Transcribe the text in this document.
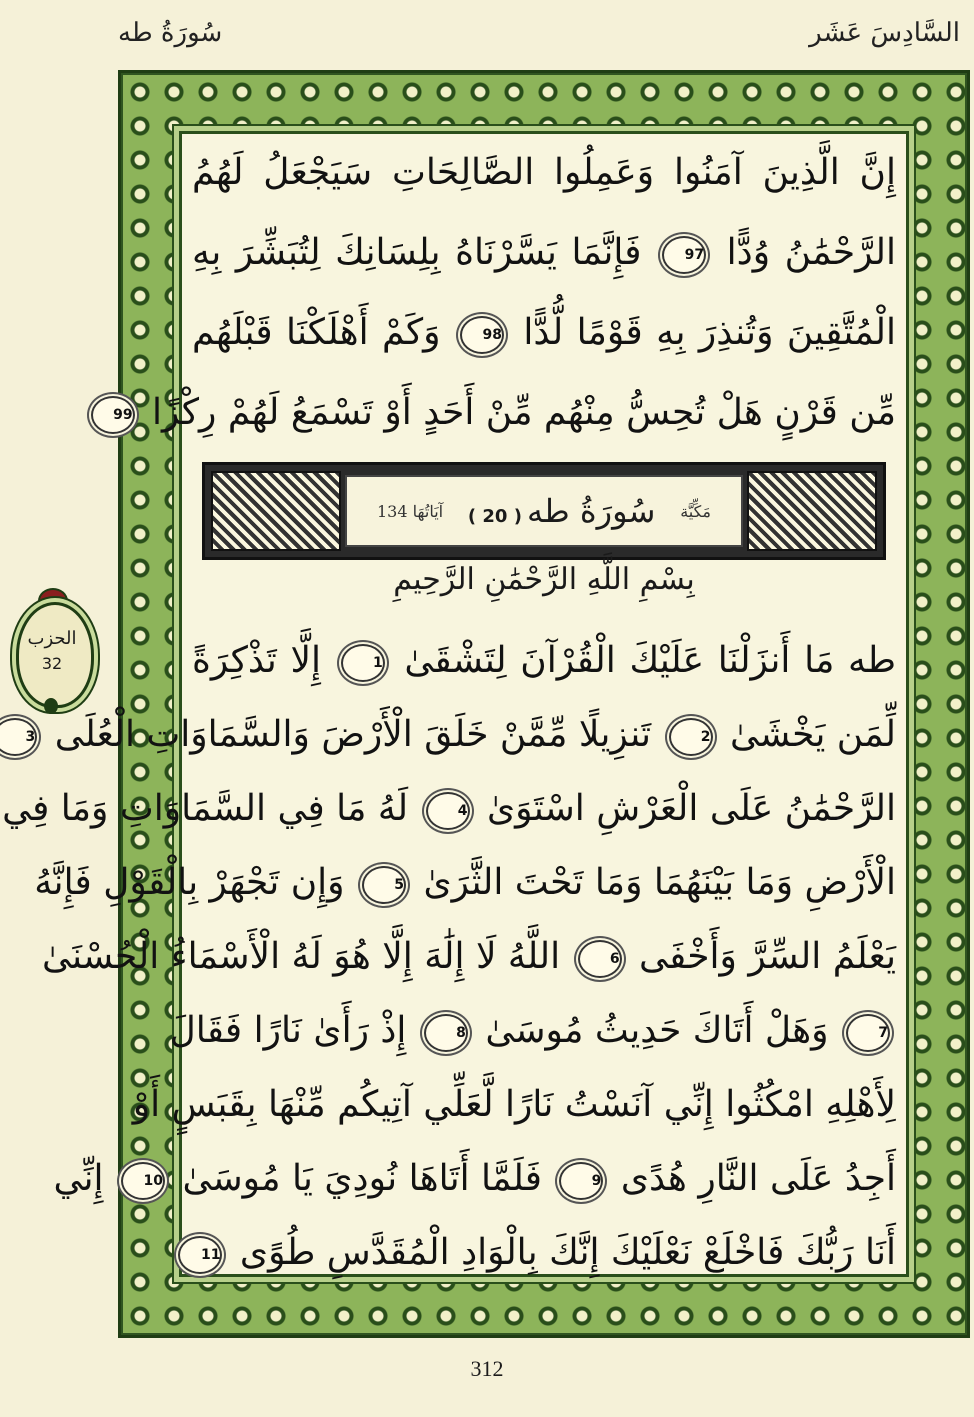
السَّادِسَ عَشَر
سُورَةُ طه
الحزب
32
إِنَّ الَّذِينَ آمَنُوا وَعَمِلُوا الصَّالِحَاتِ سَيَجْعَلُ لَهُمُ
الرَّحْمَٰنُ وُدًّا 97 فَإِنَّمَا يَسَّرْنَاهُ بِلِسَانِكَ لِتُبَشِّرَ بِهِ
الْمُتَّقِينَ وَتُنذِرَ بِهِ قَوْمًا لُّدًّا 98 وَكَمْ أَهْلَكْنَا قَبْلَهُم
مِّن قَرْنٍ هَلْ تُحِسُّ مِنْهُم مِّنْ أَحَدٍ أَوْ تَسْمَعُ لَهُمْ رِكْزًا 99
مَكِّيَّة
سُورَةُ طه ( 20 )
آيَاتُهَا 134
بِسْمِ اللَّهِ الرَّحْمَٰنِ الرَّحِيمِ
طه مَا أَنزَلْنَا عَلَيْكَ الْقُرْآنَ لِتَشْقَىٰ 1 إِلَّا تَذْكِرَةً
لِّمَن يَخْشَىٰ 2 تَنزِيلًا مِّمَّنْ خَلَقَ الْأَرْضَ وَالسَّمَاوَاتِ الْعُلَى 3
الرَّحْمَٰنُ عَلَى الْعَرْشِ اسْتَوَىٰ 4 لَهُ مَا فِي السَّمَاوَاتِ وَمَا فِي
الْأَرْضِ وَمَا بَيْنَهُمَا وَمَا تَحْتَ الثَّرَىٰ 5 وَإِن تَجْهَرْ بِالْقَوْلِ فَإِنَّهُ
يَعْلَمُ السِّرَّ وَأَخْفَى 6 اللَّهُ لَا إِلَٰهَ إِلَّا هُوَ لَهُ الْأَسْمَاءُ الْحُسْنَىٰ
7 وَهَلْ أَتَاكَ حَدِيثُ مُوسَىٰ 8 إِذْ رَأَىٰ نَارًا فَقَالَ
لِأَهْلِهِ امْكُثُوا إِنِّي آنَسْتُ نَارًا لَّعَلِّي آتِيكُم مِّنْهَا بِقَبَسٍ أَوْ
أَجِدُ عَلَى النَّارِ هُدًى 9 فَلَمَّا أَتَاهَا نُودِيَ يَا مُوسَىٰ 10 إِنِّي
أَنَا رَبُّكَ فَاخْلَعْ نَعْلَيْكَ إِنَّكَ بِالْوَادِ الْمُقَدَّسِ طُوًى 11
312
